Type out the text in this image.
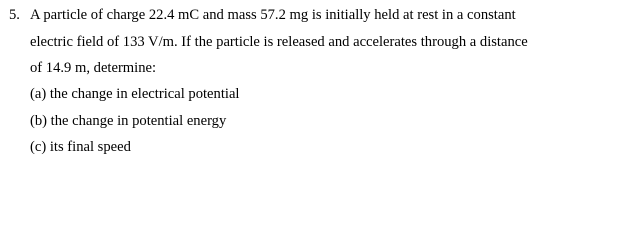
5. A particle of charge 22.4 mC and mass 57.2 mg is initially held at rest in a constant
electric field of 133 V/m. If the particle is released and accelerates through a distance
of 14.9 m, determine:
(a) the change in electrical potential
(b) the change in potential energy
(c) its final speed
